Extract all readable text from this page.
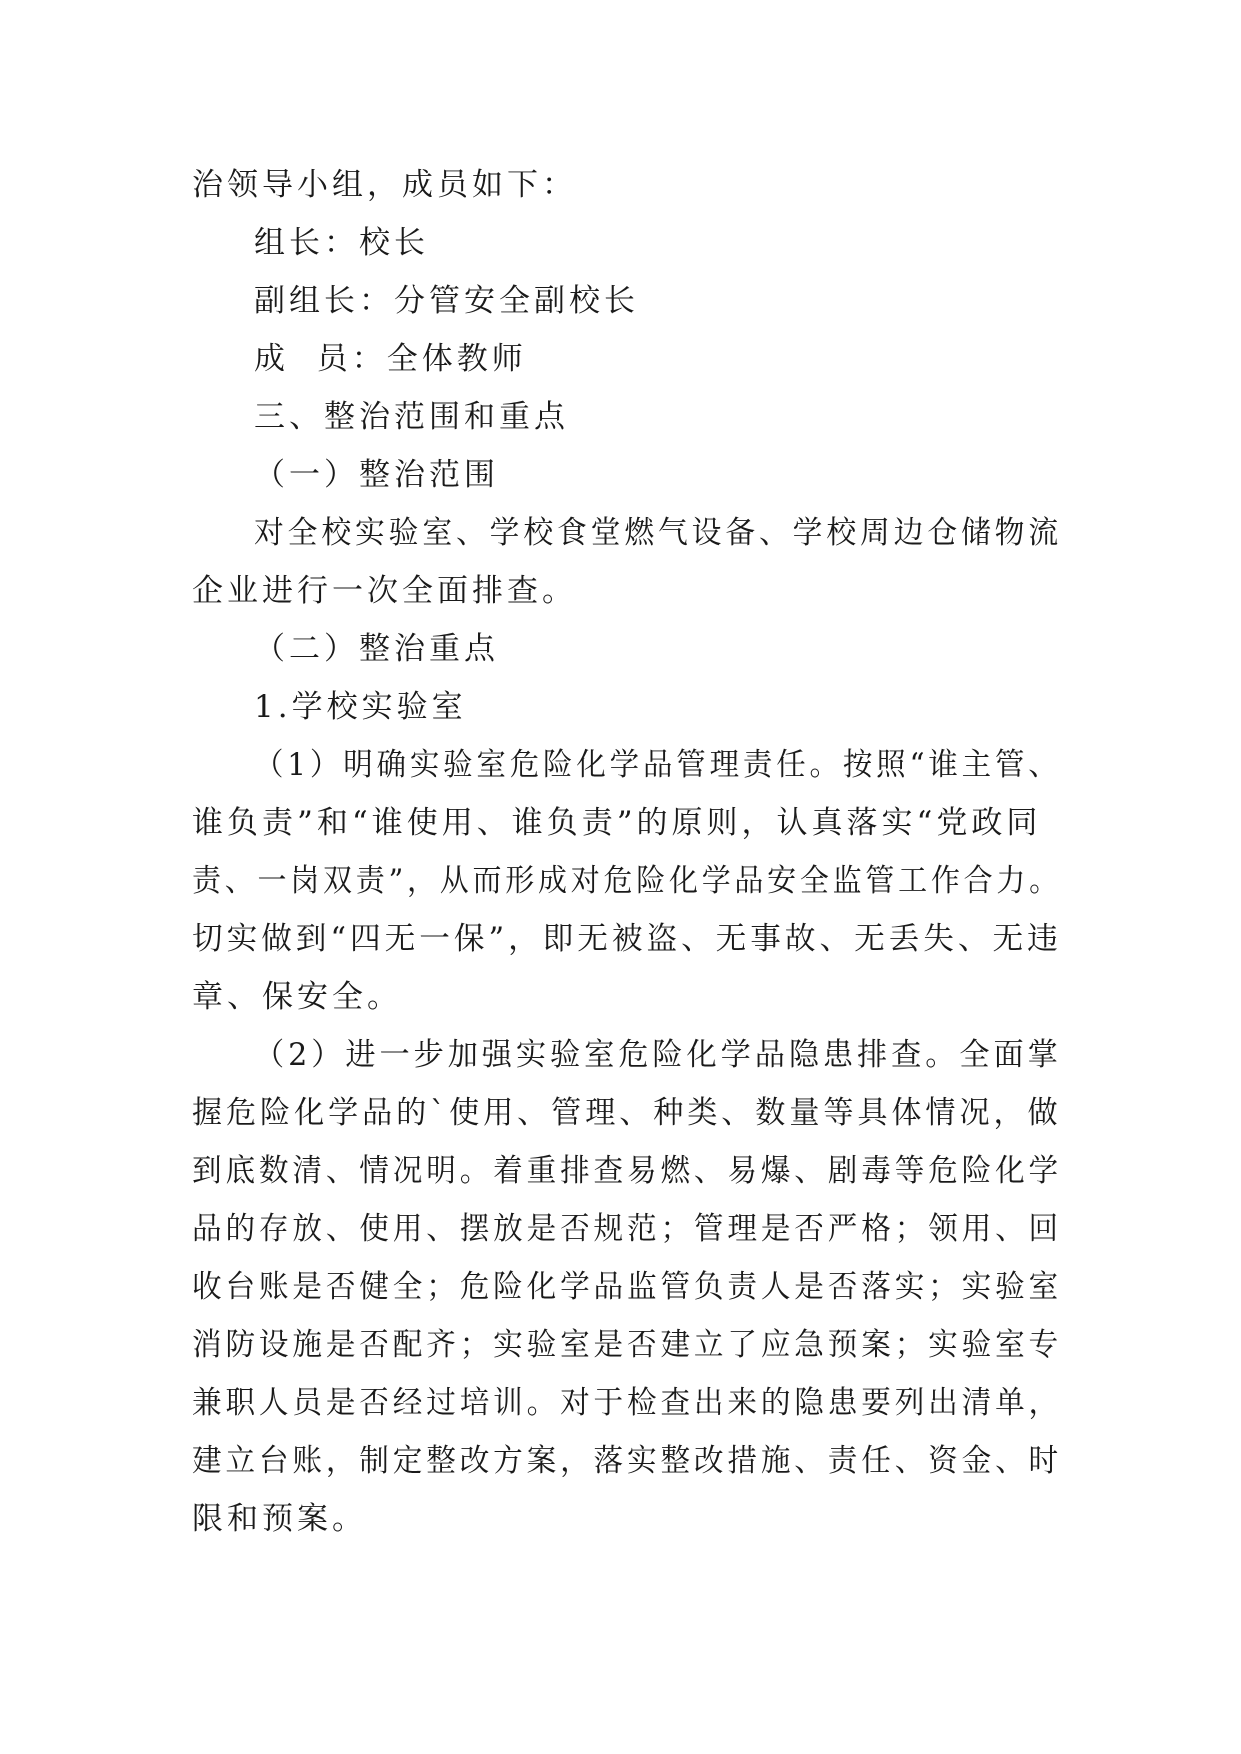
治领导小组，成员如下：
组长：校长
副组长：分管安全副校长
成  员：全体教师
三、整治范围和重点
（一）整治范围
对全校实验室、学校食堂燃气设备、学校周边仓储物流
企业进行一次全面排查。
（二）整治重点
1.学校实验室
（1）明确实验室危险化学品管理责任。按照“谁主管、
谁负责”和“谁使用、谁负责”的原则，认真落实“党政同
责、一岗双责”，从而形成对危险化学品安全监管工作合力。
切实做到“四无一保”，即无被盗、无事故、无丢失、无违
章、保安全。
（2）进一步加强实验室危险化学品隐患排查。全面掌
握危险化学品的`使用、管理、种类、数量等具体情况，做
到底数清、情况明。着重排查易燃、易爆、剧毒等危险化学
品的存放、使用、摆放是否规范；管理是否严格；领用、回
收台账是否健全；危险化学品监管负责人是否落实；实验室
消防设施是否配齐；实验室是否建立了应急预案；实验室专
兼职人员是否经过培训。对于检查出来的隐患要列出清单，
建立台账，制定整改方案，落实整改措施、责任、资金、时
限和预案。
